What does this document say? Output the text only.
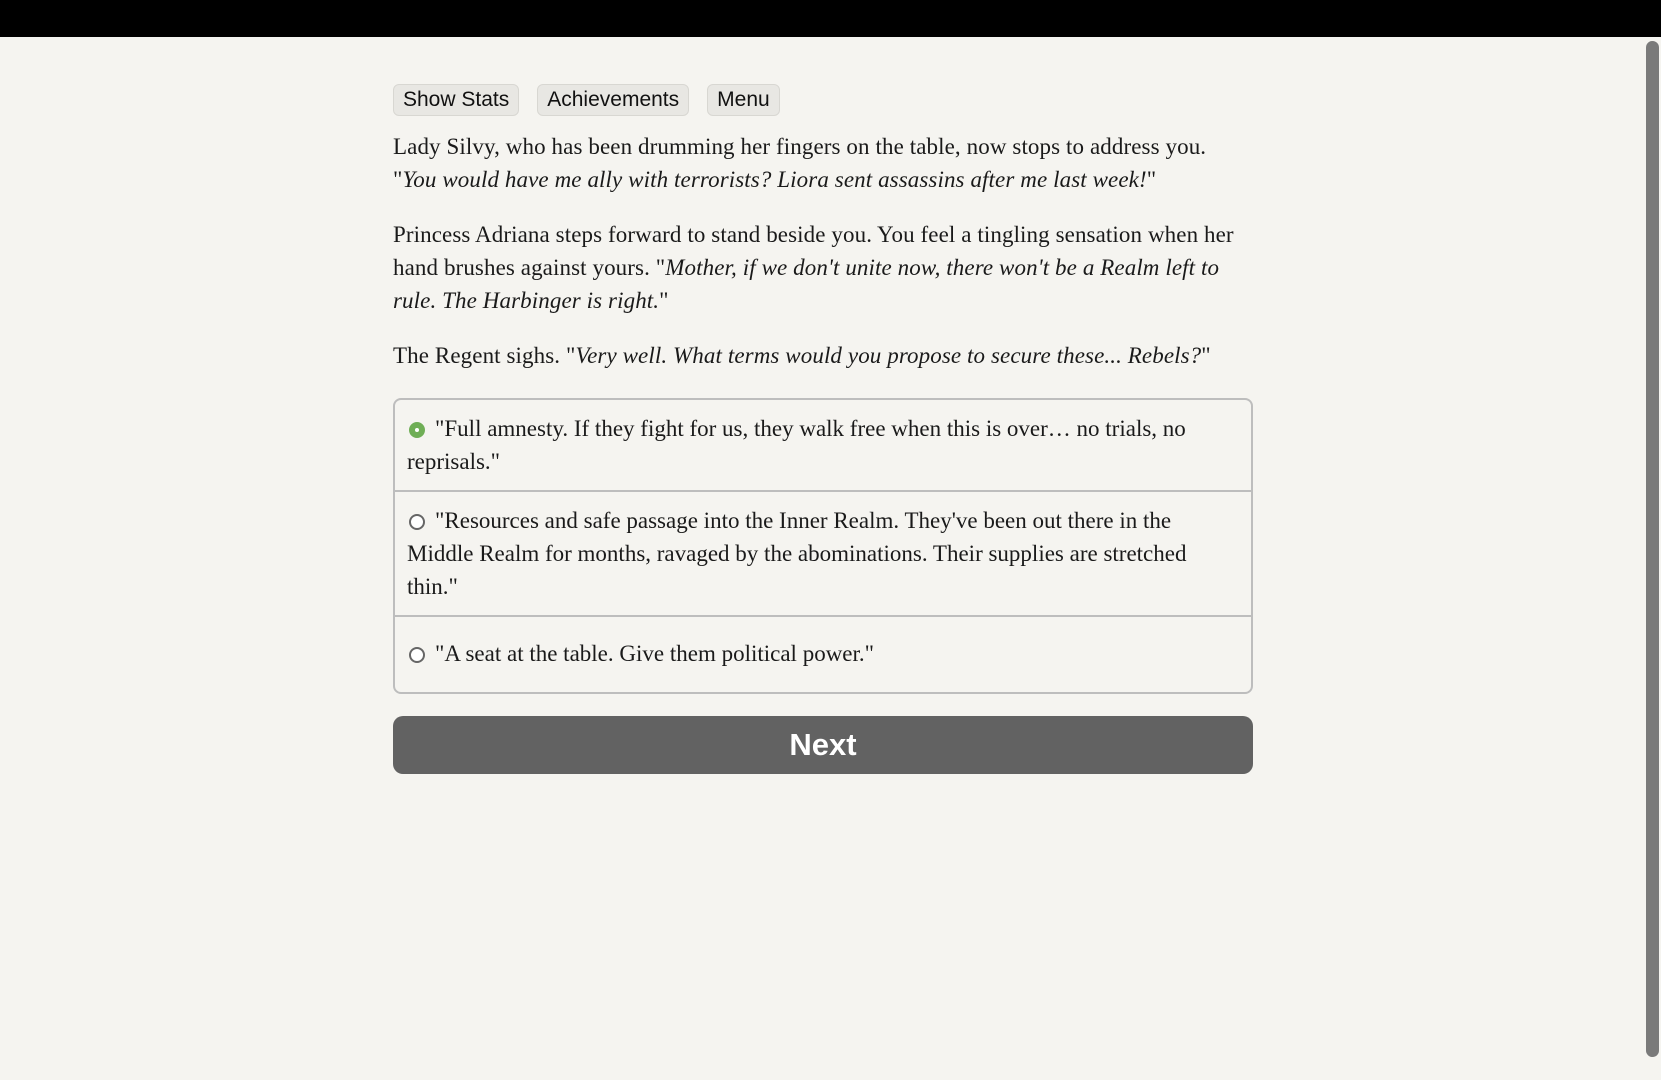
Show Stats	Achievements	Menu

Lady Silvy, who has been drumming her fingers on the table, now stops to address you. "You would have me ally with terrorists? Liora sent assassins after me last week!"

Princess Adriana steps forward to stand beside you. You feel a tingling sensation when her hand brushes against yours. "Mother, if we don't unite now, there won't be a Realm left to rule. The Harbinger is right."

The Regent sighs. "Very well. What terms would you propose to secure these... Rebels?"

"Full amnesty. If they fight for us, they walk free when this is over… no trials, no reprisals."
"Resources and safe passage into the Inner Realm. They've been out there in the Middle Realm for months, ravaged by the abominations. Their supplies are stretched thin."
"A seat at the table. Give them political power."
Next
